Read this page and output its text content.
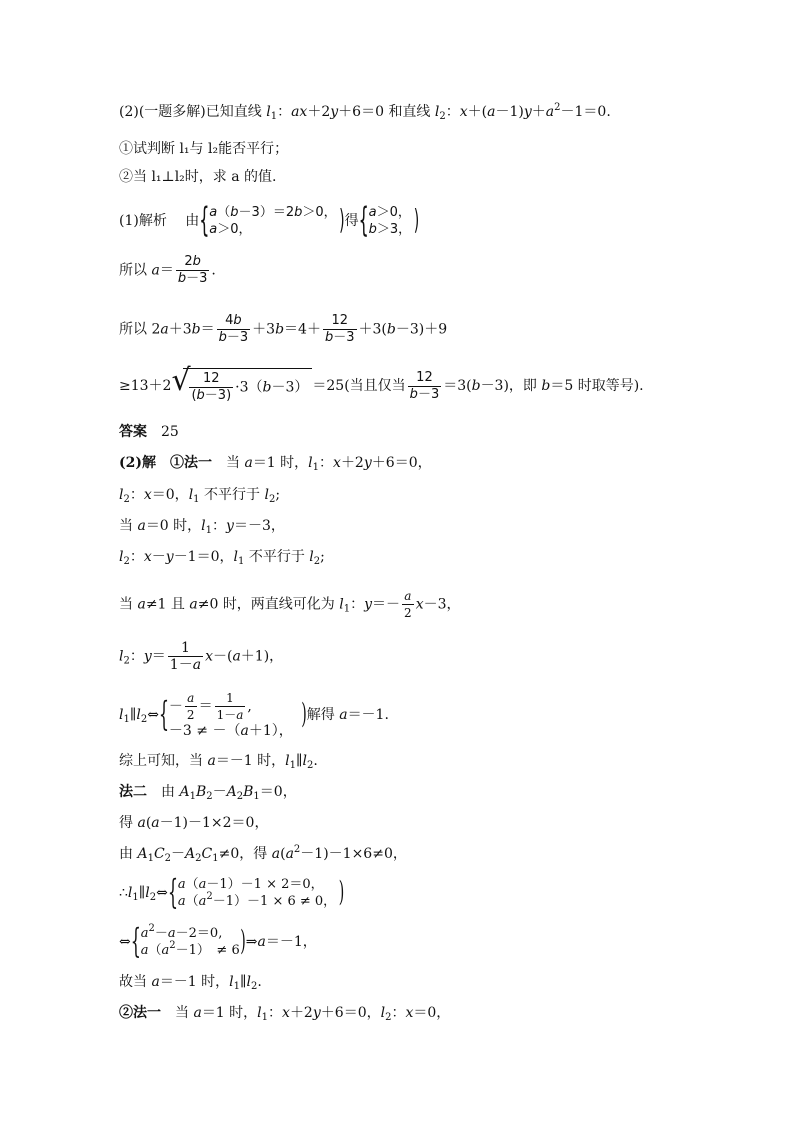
(2)(一题多解)已知直线 $l_1$：ax＋2y＋6＝0 和直线 $l_2$：$x+(a-1)y+a^2-1=0$.
①试判断 l₁与 l₂能否平行；
②当 l₁⊥l₂时，求 a 的值.
(1)解析　 由
{ a（b－3）＝2b＞0，
a＞0，
)得
{ a＞0，
b＞3，
)
所以 $a= \frac{2b}{b-3}$ .
所以 $2a+3b= \frac{4b}{b-3} +3b=4+ \frac{12}{b-3} +3(b-3)+9$
≥13＋2 √
$\frac{12}{(b-3)} \cdot 3(b-3) =25$(当且仅当 $\frac{12}{b-3} =3(b-3)$，即 b＝5 时取等号).
答案　 25
(2)解　 ①法一　 当 a＝1 时，$l_1$：x＋2y＋6＝0，
$l_2$：x＝0，$l_1$ 不平行于 $l_2$;
当 a＝0 时，$l_1$：y＝－3，
$l_2$：x－y－1＝0，$l_1$ 不平行于 $l_2$;
当 a≠1 且 a≠0 时，两直线可化为 $l_1$：$y=- \frac{a}{2} x-3$，
$l_2$：$y= \frac{1}{1-a} x-(a+1)$，
$l_1\parallel l_2\Leftrightarrow$
{ － $\frac{a}{2} = \frac{1}{1-a}$ ,
－3 ≠ －（a＋1），
)解得 a＝－1.
综上可知，当 a＝－1 时，$l_1\parallel l_2$.
法二　 由 $A_1B_2-A_2B_1=0$，
得 a(a－1)－1×2＝0，
由 $A_1C_2-A_2C_1\ne 0$，得 $a(a^2-1)-1\times 6\ne 0$，
$\therefore l_1\parallel l_2\Leftrightarrow$
{ a（a－1）－1 × 2＝0，
$a(a^2-1)-1 \times 6 \ne 0$，
)
⇔
{ $a^2-a-2=0$,
$a(a^2-1)$　≠ 6
)⇒a＝－1，
故当 a＝－1 时，$l_1\parallel l_2$.
②法一　 当 a＝1 时，$l_1$：x＋2y＋6＝0，$l_2$：x＝0，
